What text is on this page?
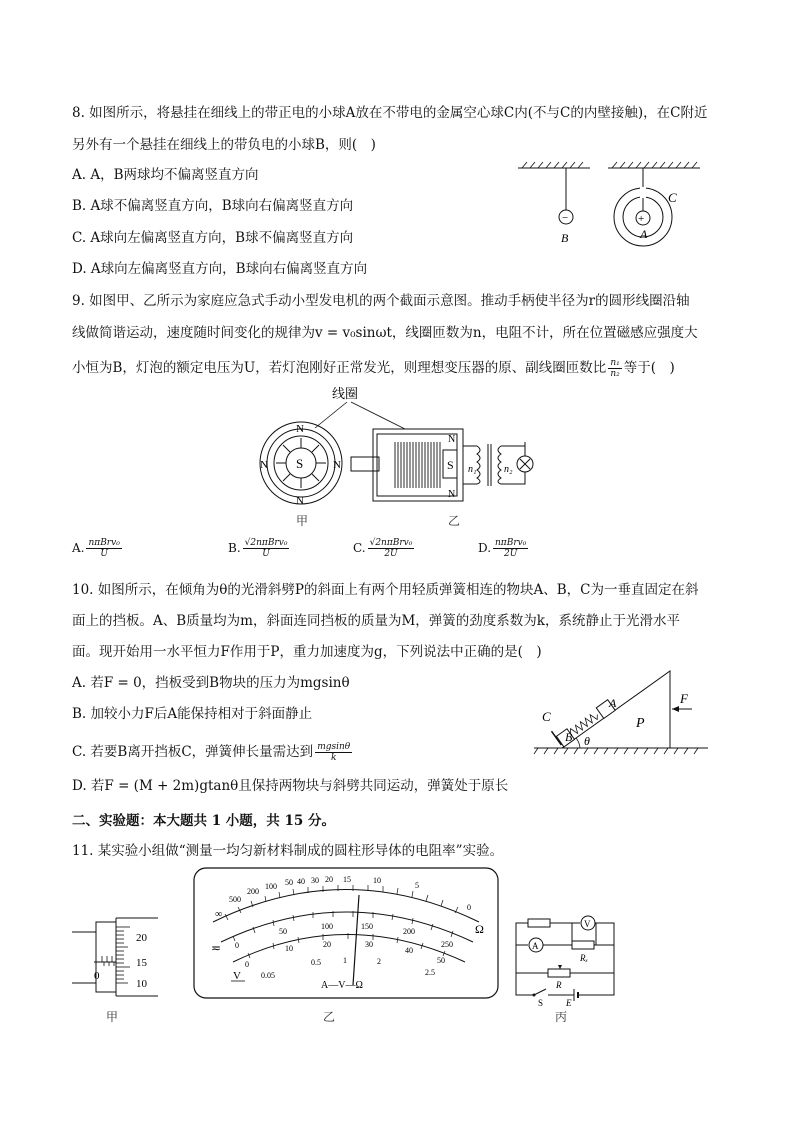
8. 如图所示，将悬挂在细线上的带正电的小球A放在不带电的金属空心球C内(不与C的内壁接触)，在C附近
另外有一个悬挂在细线上的带负电的小球B，则(　)
A. A，B两球均不偏离竖直方向
B. A球不偏离竖直方向，B球向右偏离竖直方向
C. A球向左偏离竖直方向，B球不偏离竖直方向
D. A球向左偏离竖直方向，B球向右偏离竖直方向
−
B
+
A
C
9. 如图甲、乙所示为家庭应急式手动小型发电机的两个截面示意图。推动手柄使半径为r的圆形线圈沿轴
线做简谐运动，速度随时间变化的规律为v = v₀sinωt，线圈匝数为n，电阻不计，所在位置磁感应强度大
小恒为B，灯泡的额定电压为U，若灯泡刚好正常发光，则理想变压器的原、副线圈匝数比 $\frac{\text{n₁}}{\text{n₂}}$ 等于(　)
线圈
S
N
N
N	N	S
N
N
n₁	n₂
甲	乙
A. $\frac{\text{nπBrv₀}}{U}$	B. $\frac{\text{√2nπBrv₀}}{U}$	C. $\frac{\text{√2nπBrv₀}}{2U}$	D. $\frac{\text{nπBrv₀}}{2U}$
10. 如图所示，在倾角为θ的光滑斜劈P的斜面上有两个用轻质弹簧相连的物块A、B，C为一垂直固定在斜
面上的挡板。A、B质量均为m，斜面连同挡板的质量为M，弹簧的劲度系数为k，系统静止于光滑水平
面。现开始用一水平恒力F作用于P，重力加速度为g，下列说法中正确的是(　)
A. 若F = 0，挡板受到B物块的压力为mgsinθ
B. 加较小力F后A能保持相对于斜面静止
C. 若要B离开挡板C，弹簧伸长量需达到 $\frac{mgsin\theta}{k}$
D. 若F = (M + 2m)gtanθ且保持两物块与斜劈共同运动，弹簧处于原长
C
B
A
P
θ
F
二、实验题：本大题共 1 小题，共 15 分。
11. 某实验小组做“测量一均匀新材料制成的圆柱形导体的电阻率”实验。
20
15
10
0
甲
∞
500
200
100 50 40 30 20 15	10
5
0
Ω
0
50
100	150
200
250
0
10	20	30
40
50
0.05
0.5	1	2
2.5
≂
V
A—V—Ω
乙
V
A
Rₓ
R
S	E
丙
